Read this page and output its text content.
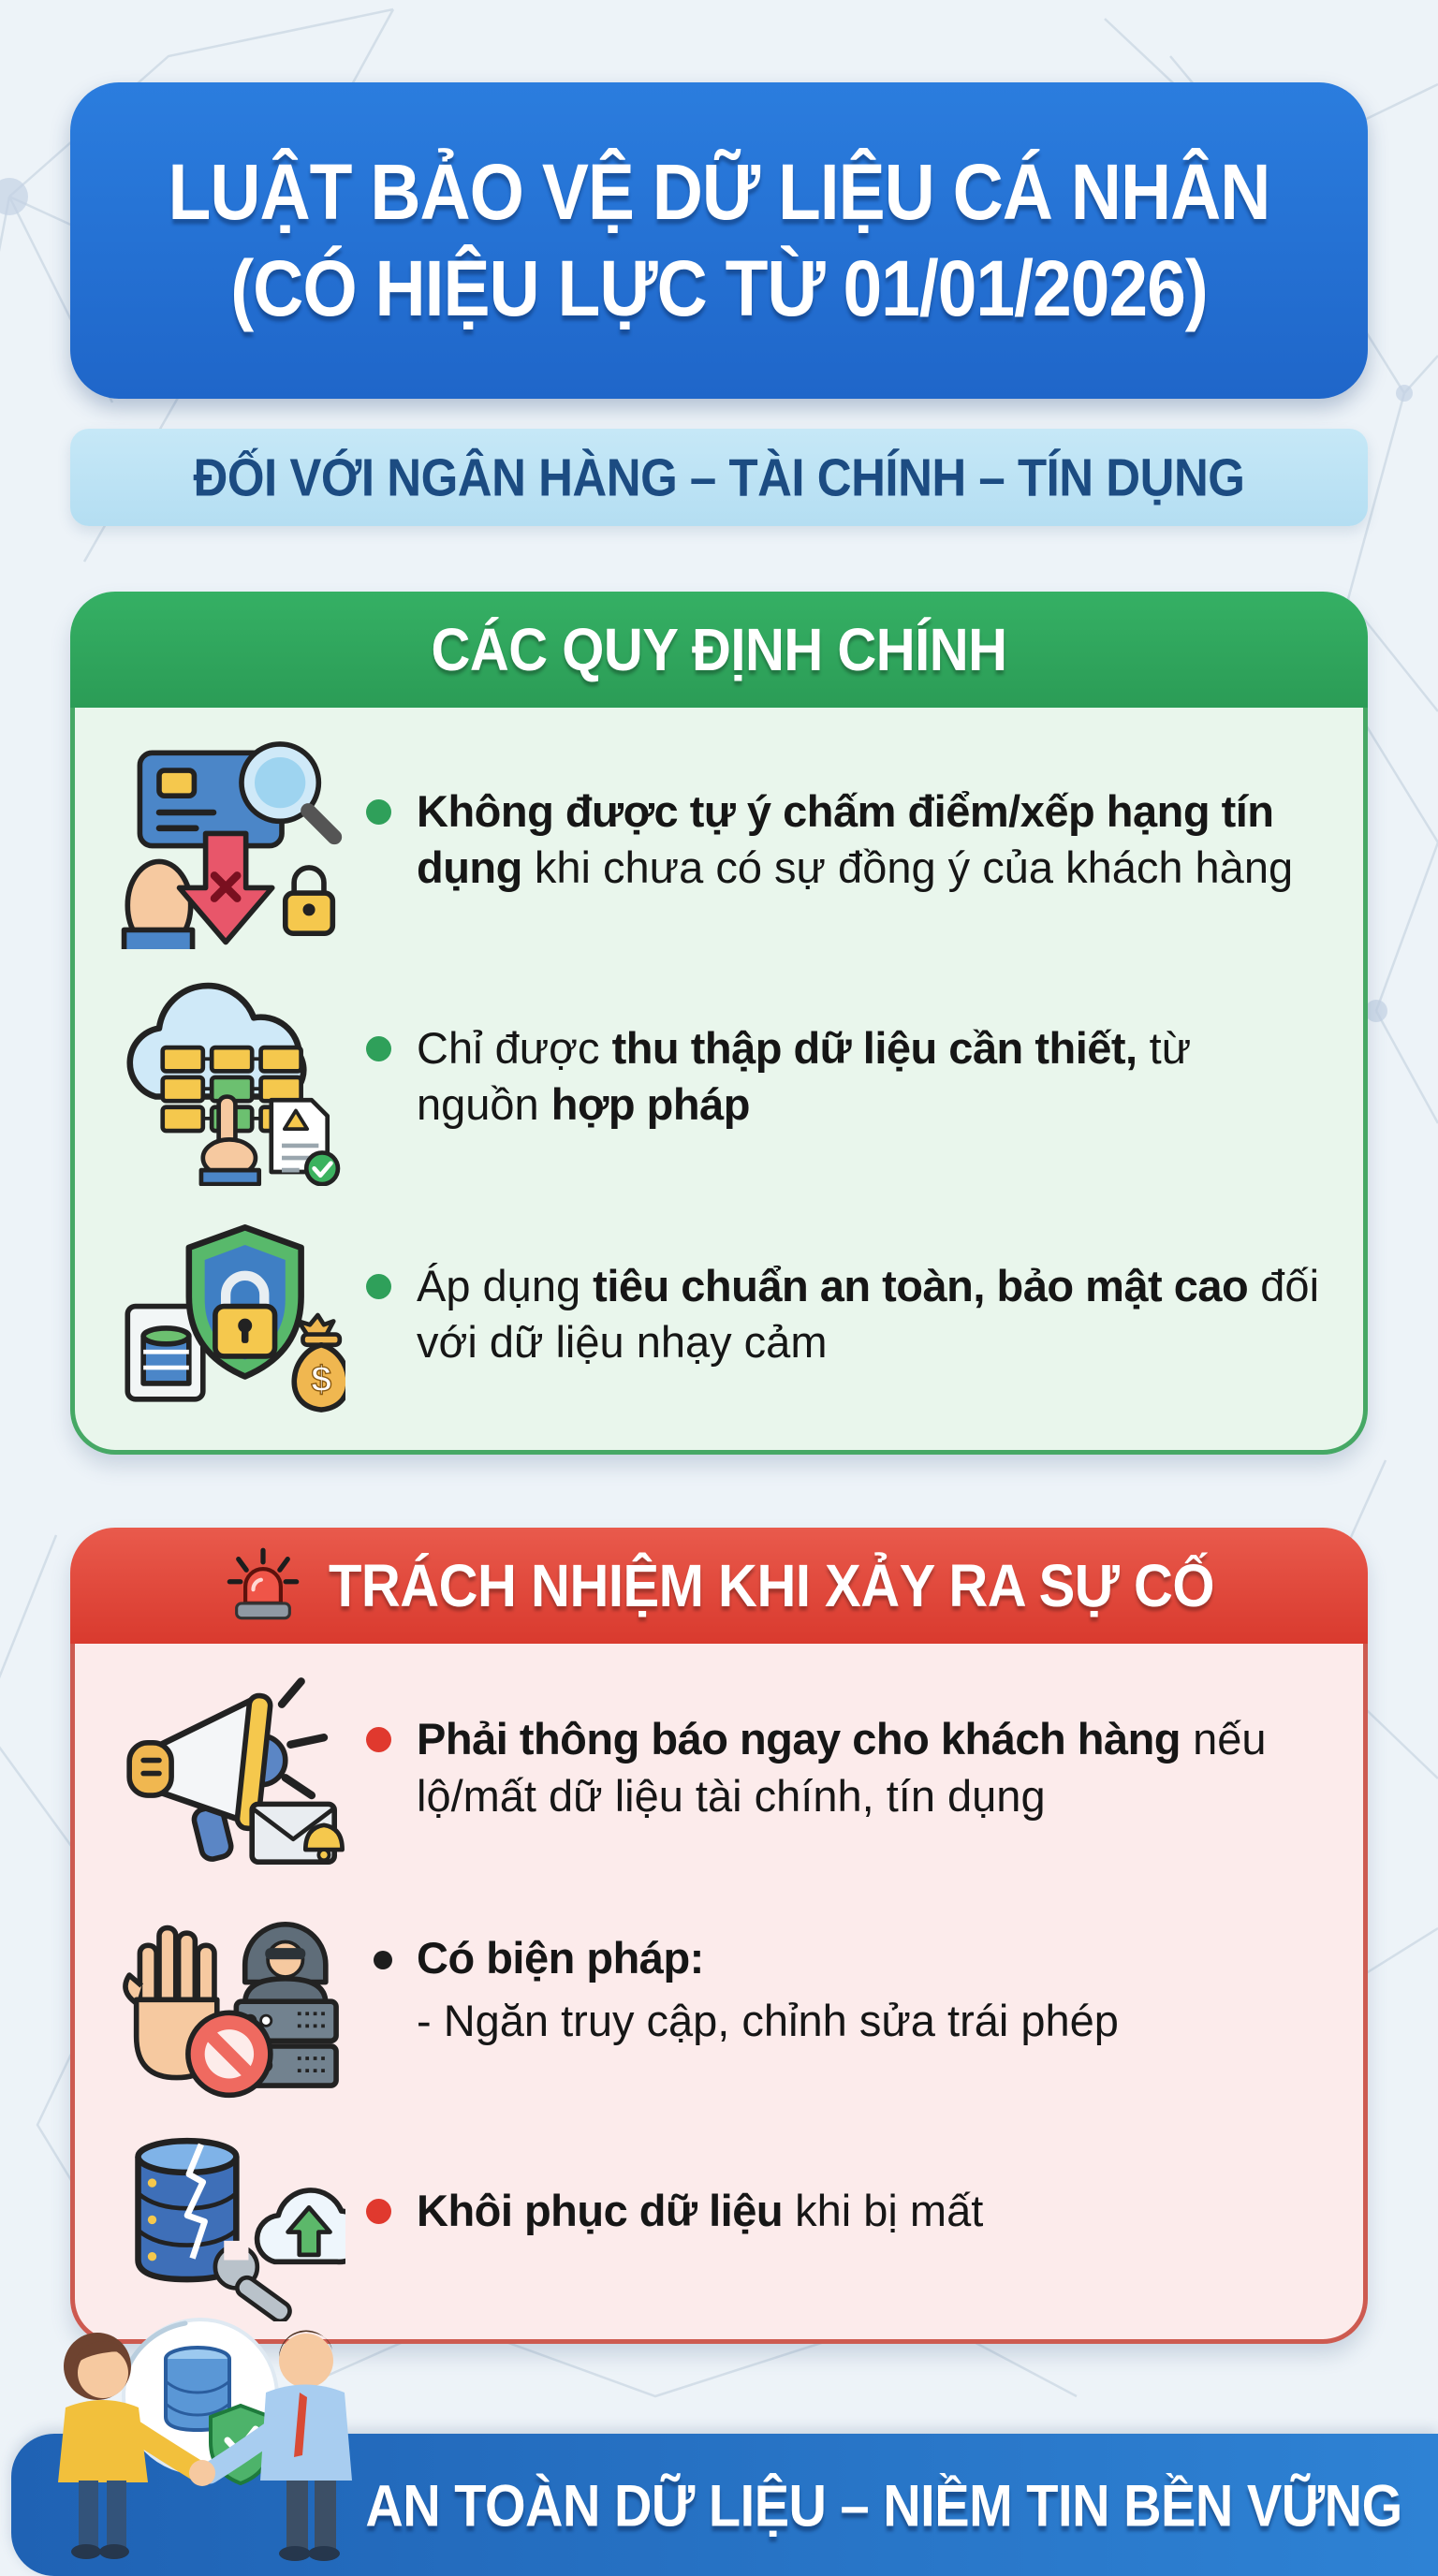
LUẬT BẢO VỆ DỮ LIỆU CÁ NHÂN
(CÓ HIỆU LỰC TỪ 01/01/2026)
ĐỐI VỚI NGÂN HÀNG – TÀI CHÍNH – TÍN DỤNG
CÁC QUY ĐỊNH CHÍNH
Không được tự ý chấm điểm/xếp hạng tín dụng khi chưa có sự đồng ý của khách hàng
Chỉ được thu thập dữ liệu cần thiết, từ nguồn hợp pháp
$
Áp dụng tiêu chuẩn an toàn, bảo mật cao đối với dữ liệu nhạy cảm
TRÁCH NHIỆM KHI XẢY RA SỰ CỐ
Phải thông báo ngay cho khách hàng nếu lộ/mất dữ liệu tài chính, tín dụng
Có biện pháp:
- Ngăn truy cập, chỉnh sửa trái phép
Khôi phục dữ liệu khi bị mất
AN TOÀN DỮ LIỆU – NIỀM TIN BỀN VỮNG
